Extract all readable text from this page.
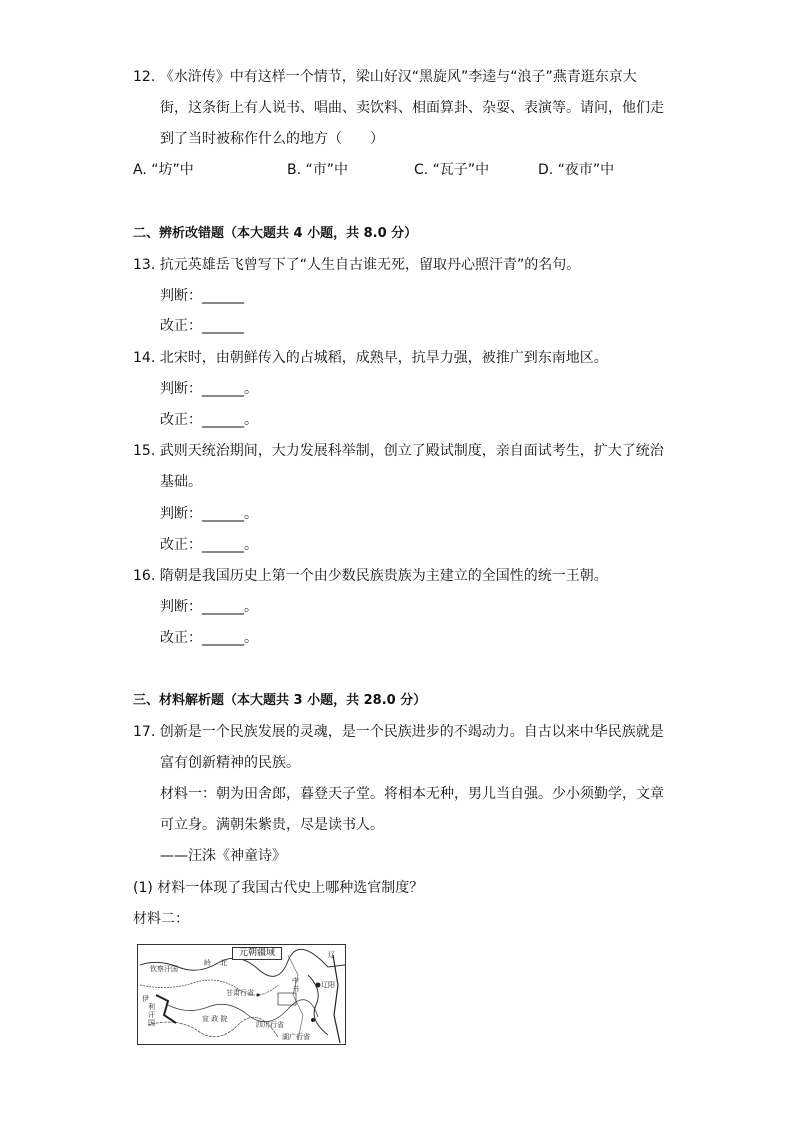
12. 《水浒传》中有这样一个情节，梁山好汉“黑旋风”李逵与“浪子”燕青逛东京大
街，这条街上有人说书、唱曲、卖饮料、相面算卦、杂耍、表演等。请问，他们走
到了当时被称作什么的地方（　　）
A. “坊”中	B. “市”中	C. “瓦子”中	D. “夜市”中
二、辨析改错题（本大题共 4 小题，共 8.0 分）
13. 抗元英雄岳飞曾写下了“人生自古谁无死，留取丹心照汗青”的名句。
判断：______
改正：______
14. 北宋时，由朝鲜传入的占城稻，成熟早，抗旱力强，被推广到东南地区。
判断：______。
改正：______。
15. 武则天统治期间，大力发展科举制，创立了殿试制度，亲自面试考生，扩大了统治
基础。
判断：______。
改正：______。
16. 隋朝是我国历史上第一个由少数民族贵族为主建立的全国性的统一王朝。
判断：______。
改正：______。
三、材料解析题（本大题共 3 小题，共 28.0 分）
17. 创新是一个民族发展的灵魂，是一个民族进步的不竭动力。自古以来中华民族就是
富有创新精神的民族。
材料一：朝为田舍郎，暮登天子堂。将相本无种，男儿当自强。少小须勤学，文章
可立身。满朝朱紫贵，尽是读书人。
——汪洙《神童诗》
(1) 材料一体现了我国古代史上哪种选官制度？
材料二：
元朝疆域
钦察汗国
岭 北
辽
伊
利
汗
国
甘肃行省
中
书
宣 政 院
辽阳
四川行省
湖广行省
